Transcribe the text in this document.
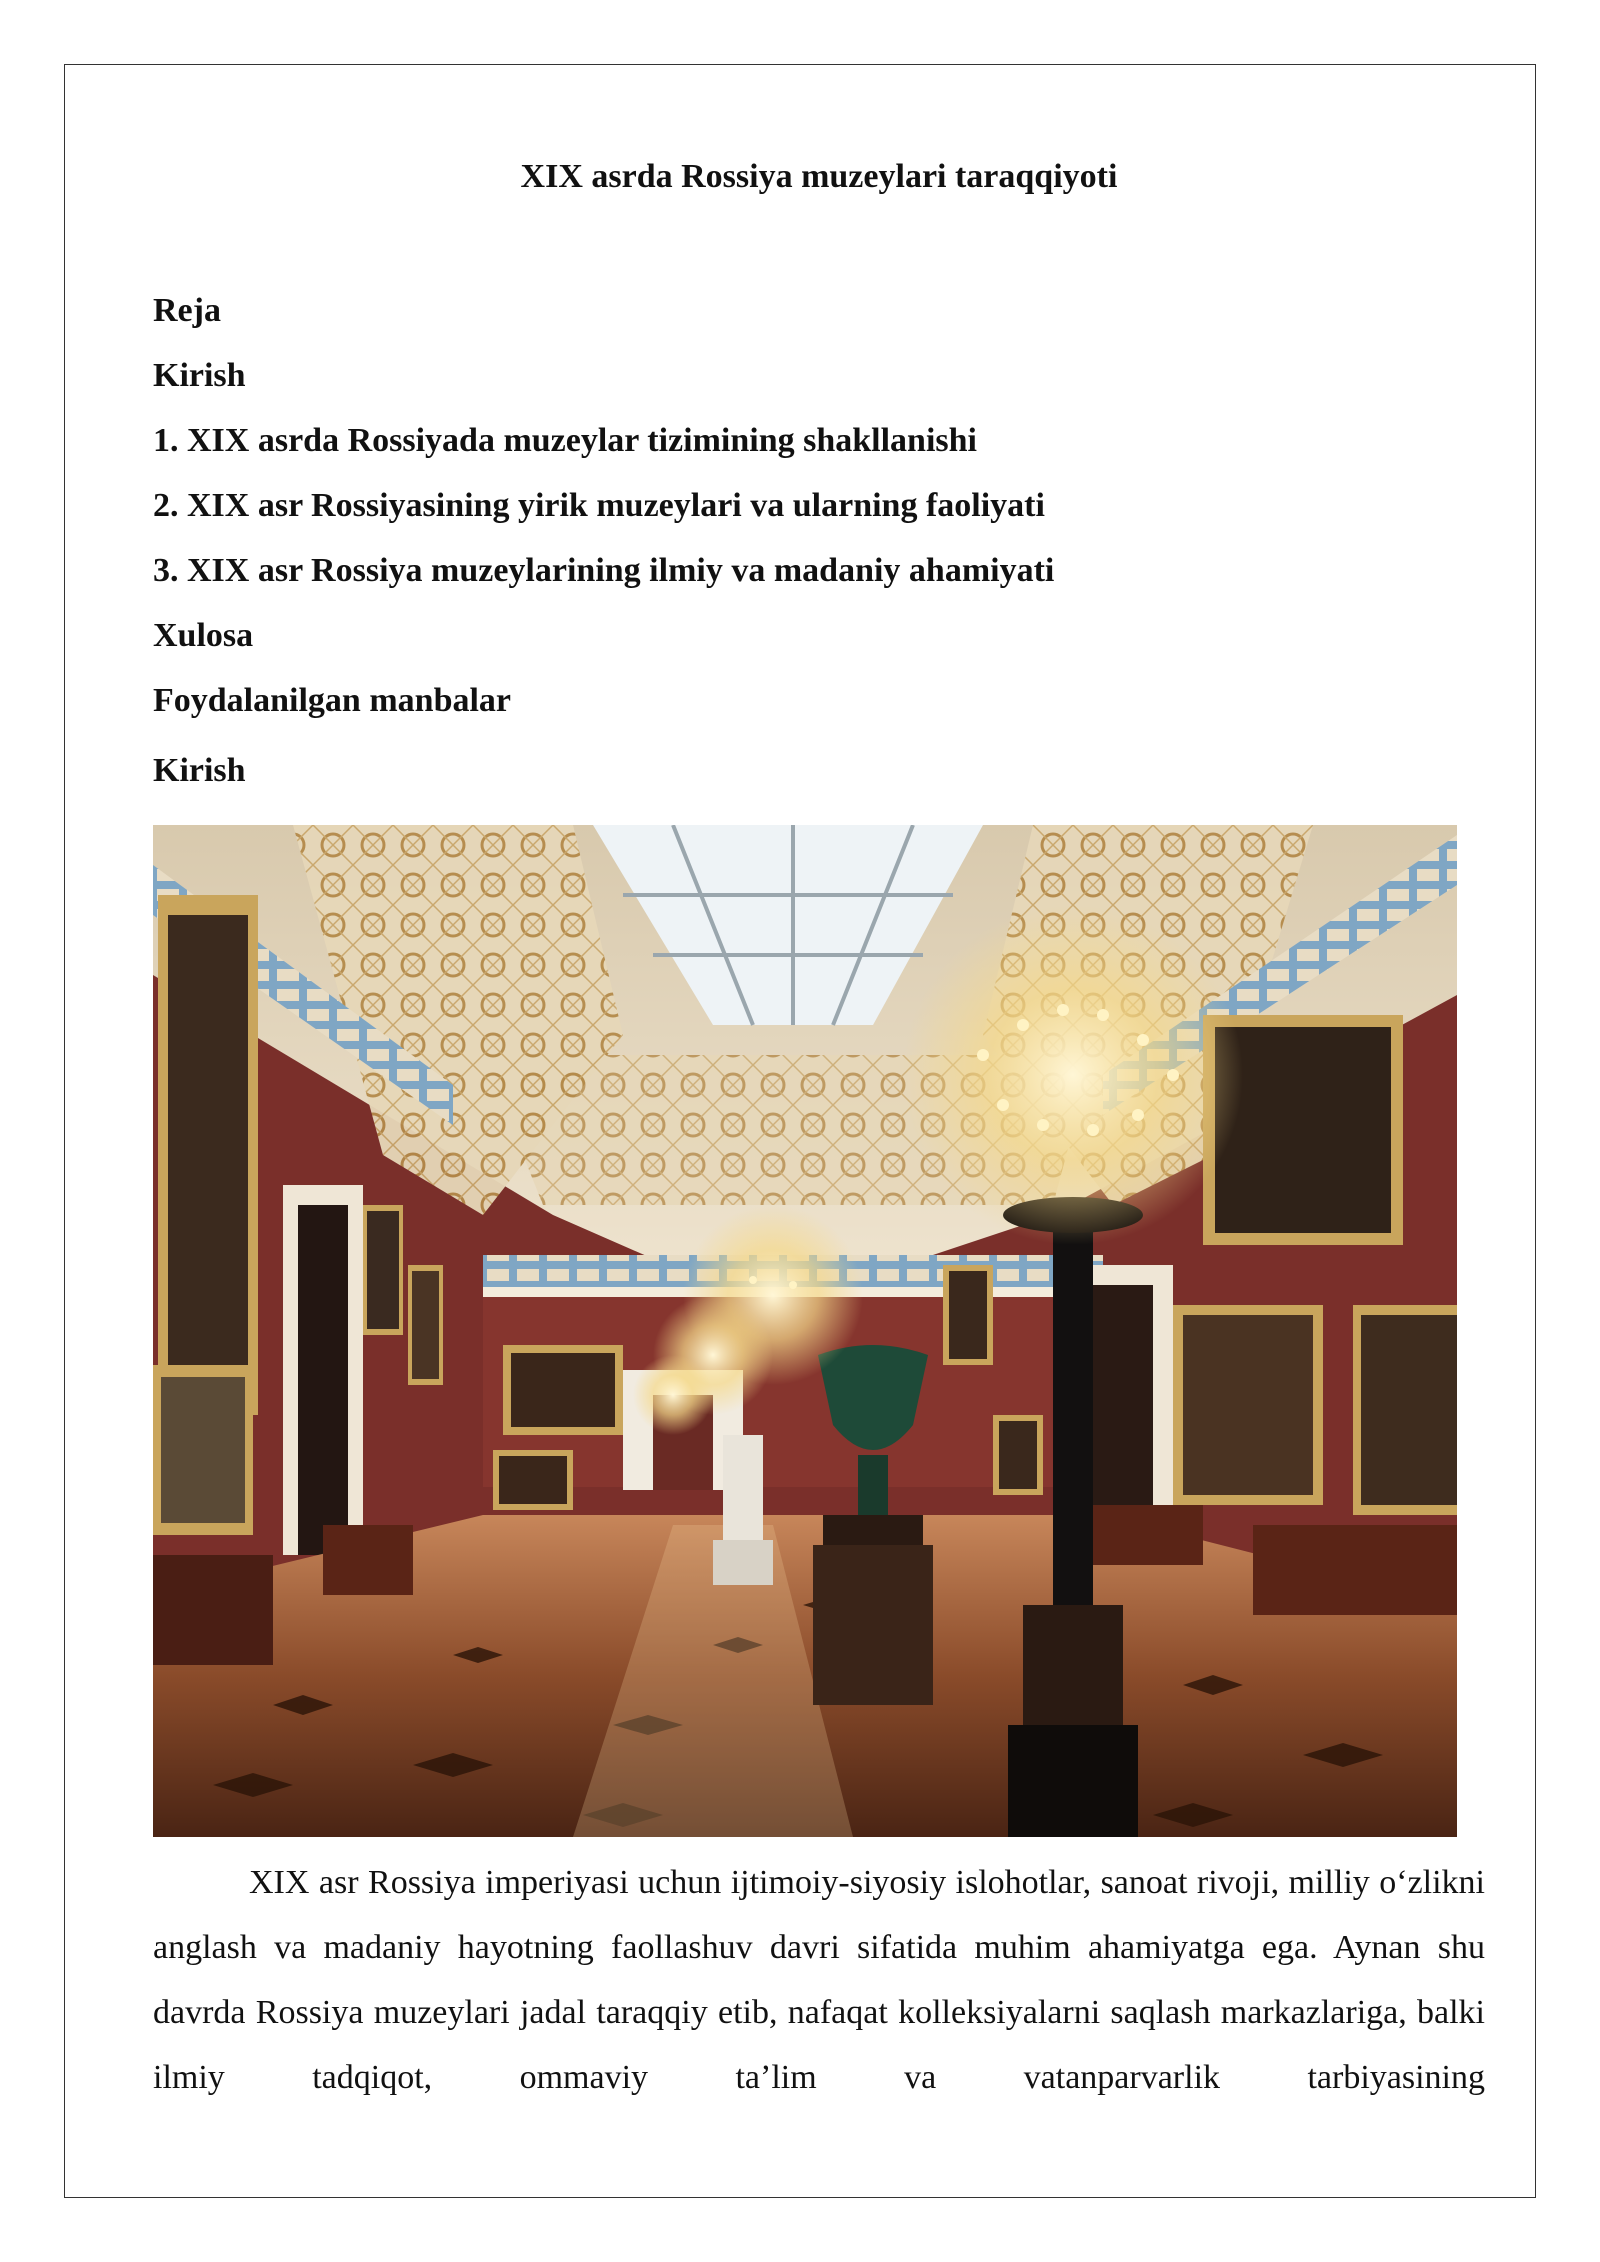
XIX asrda Rossiya muzeylari taraqqiyoti
Reja
Kirish
1. XIX asrda Rossiyada muzeylar tizimining shakllanishi
2. XIX asr Rossiyasining yirik muzeylari va ularning faoliyati
3. XIX asr Rossiya muzeylarining ilmiy va madaniy ahamiyati
Xulosa
Foydalanilgan manbalar
Kirish

XIX asr Rossiya imperiyasi uchun ijtimoiy-siyosiy islohotlar, sanoat rivoji, milliy oʻzlikni anglash va madaniy hayotning faollashuv davri sifatida muhim ahamiyatga ega. Aynan shu davrda Rossiya muzeylari jadal taraqqiy etib, nafaqat kolleksiyalarni saqlash markazlariga, balki ilmiy tadqiqot, ommaviy taʼlim va vatanparvarlik tarbiyasining
